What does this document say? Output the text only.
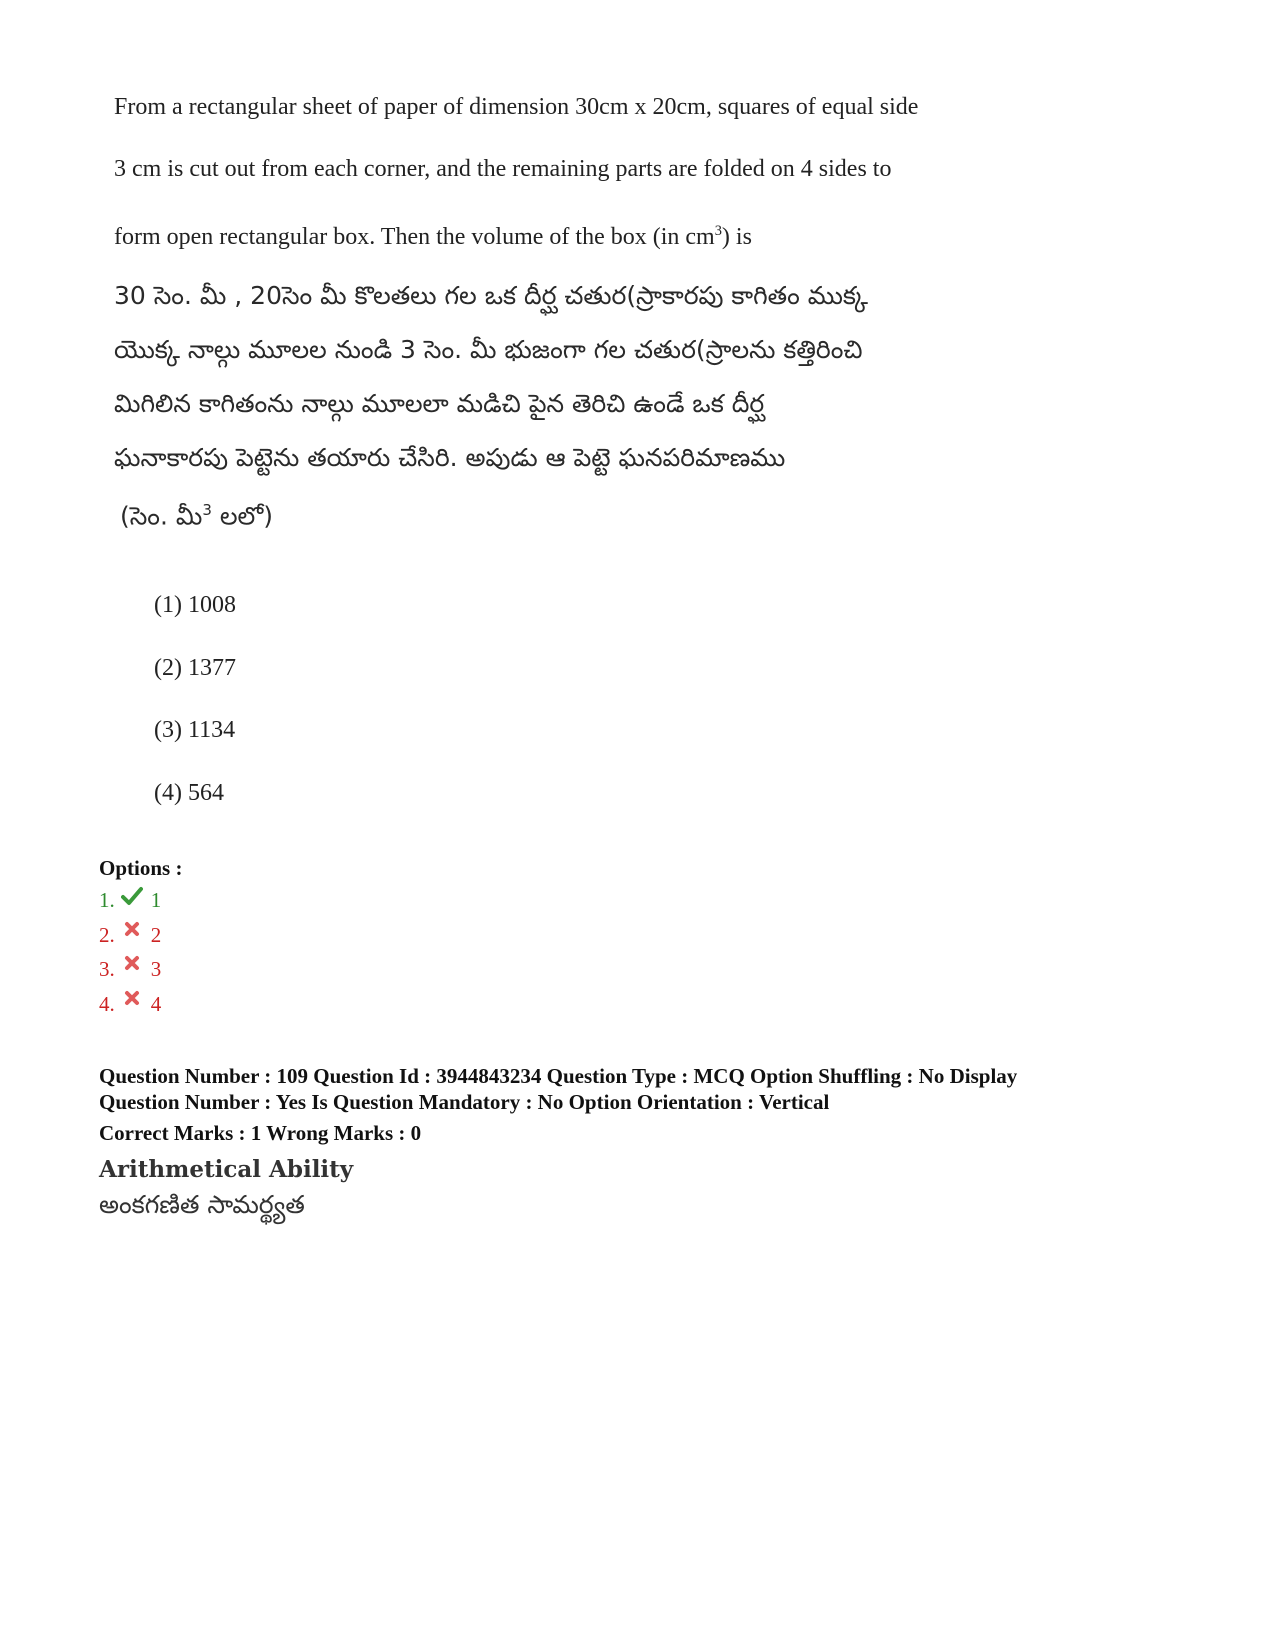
From a rectangular sheet of paper of dimension 30cm x 20cm, squares of equal side
3 cm is cut out from each corner, and the remaining parts are folded on 4 sides to
form open rectangular box. Then the volume of the box (in $cm^3$) is
30 సెం. మీ , 20సెం మీ కొలతలు గల ఒక దీర్ఘ చతుర(స్రాకారపు కాగితం ముక్క
యొక్క నాల్గు మూలల నుండి 3 సెం. మీ భుజంగా గల చతుర(స్రాలను కత్తిరించి
మిగిలిన కాగితంను నాల్గు మూలలా మడిచి పైన తెరిచి ఉండే ఒక దీర్ఘ
ఘనాకారపు పెట్టెను తయారు చేసిరి. అపుడు ఆ పెట్టె ఘనపరిమాణము
(సెం. మీ$^3$ లలో)
(1) 1008
(2) 1377
(3) 1134
(4) 564
Options :
1. 1
2. 2
3. 3
4. 4
Question Number : 109 Question Id : 3944843234 Question Type : MCQ Option Shuffling : No Display
Question Number : Yes Is Question Mandatory : No Option Orientation : Vertical
Correct Marks : 1 Wrong Marks : 0
Arithmetical Ability
అంకగణిత సామర్థ్యత
